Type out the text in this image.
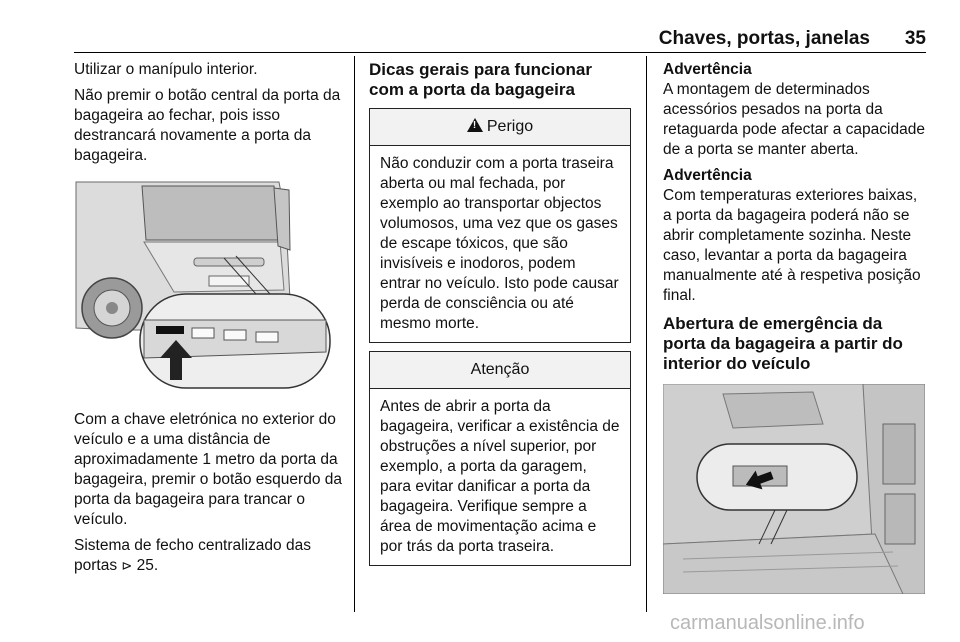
Chaves, portas, janelas 35

Utilizar o manípulo interior.

Não premir o botão central da porta da bagageira ao fechar, pois isso destrancará novamente a porta da bagageira.

Com a chave eletrónica no exterior do veículo e a uma distância de aproximadamente 1 metro da porta da bagageira, premir o botão esquerdo da porta da bagageira para trancar o veículo.

Sistema de fecho centralizado das portas ⊳ 25.

Dicas gerais para funcionar com a porta da bagageira
!Perigo
Não conduzir com a porta traseira aberta ou mal fechada, por exemplo ao transportar objectos volumosos, uma vez que os gases de escape tóxicos, que são invisíveis e inodoros, podem entrar no veículo. Isto pode causar perda de consciência ou até mesmo morte.
Atenção
Antes de abrir a porta da bagageira, verificar a existência de obstruções a nível superior, por exemplo, a porta da garagem, para evitar danificar a porta da bagageira. Verifique sempre a área de movimentação acima e por trás da porta traseira.

Advertência
A montagem de determinados acessórios pesados na porta da retaguarda pode afectar a capacidade de a porta se manter aberta.

Advertência
Com temperaturas exteriores baixas, a porta da bagageira poderá não se abrir completamente sozinha. Neste caso, levantar a porta da bagageira manualmente até à respetiva posição final.

Abertura de emergência da porta da bagageira a partir do interior do veículo
carmanualsonline.info
